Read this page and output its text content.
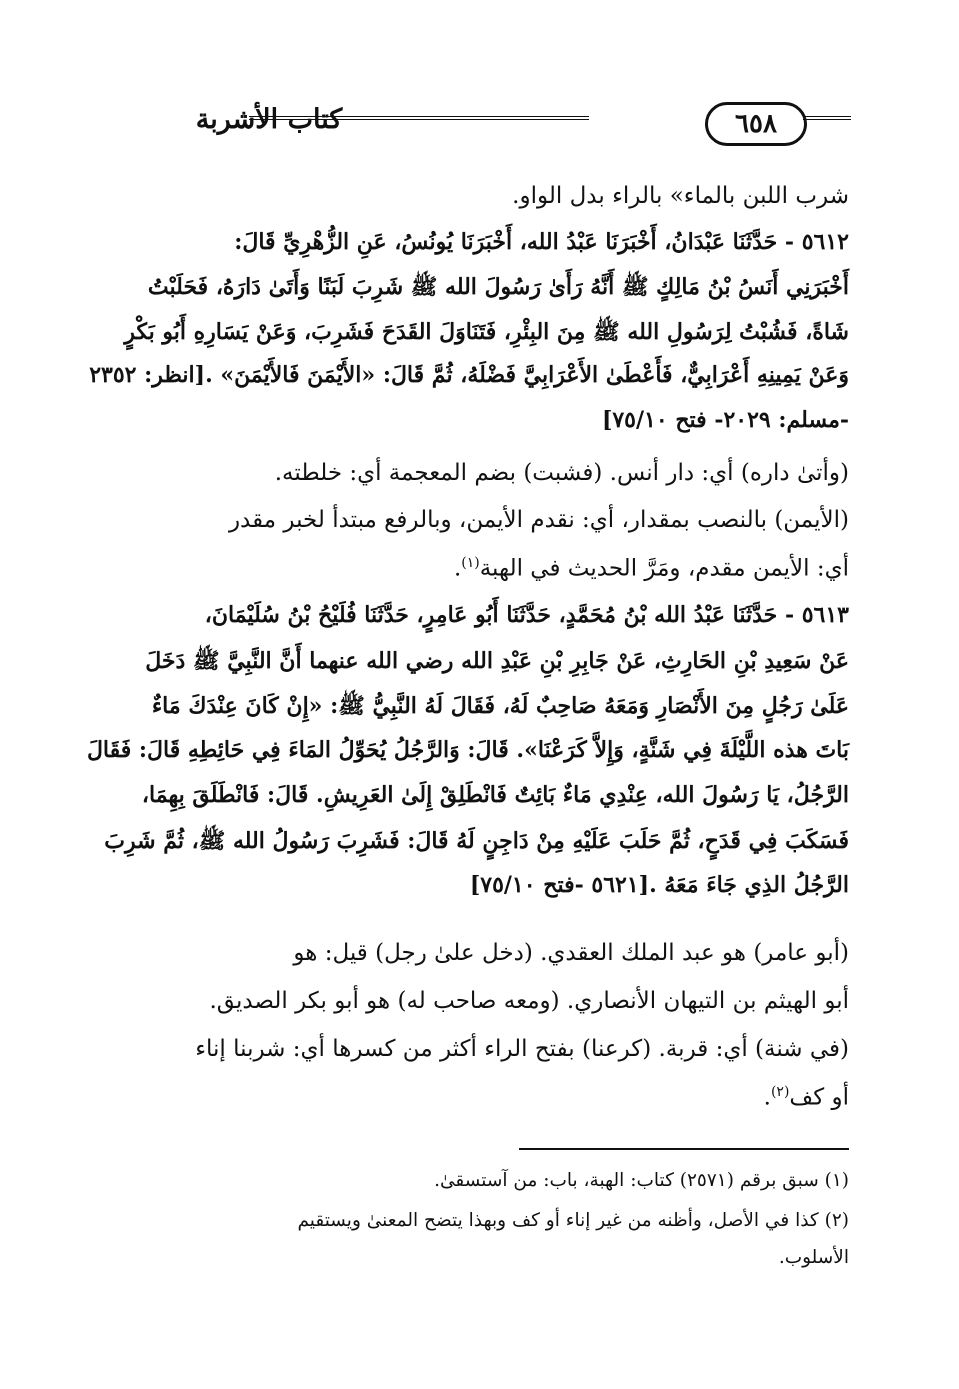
كتاب الأشربة	٦٥٨
شرب اللبن بالماء» بالراء بدل الواو.
٥٦١٢ - حَدَّثَنَا عَبْدَانُ، أَخْبَرَنَا عَبْدُ الله، أَخْبَرَنَا يُونُسُ، عَنِ الزُّهْرِيِّ قَالَ:
أَخْبَرَنِي أَنَسُ بْنُ مَالِكٍ ﷺ أَنَّهُ رَأَىٰ رَسُولَ الله ﷺ شَرِبَ لَبَنًا وَأَتَىٰ دَارَهُ، فَحَلَبْتُ
شَاةً، فَشُبْتُ لِرَسُولِ الله ﷺ مِنَ البِئْرِ، فَتَنَاوَلَ القَدَحَ فَشَرِبَ، وَعَنْ يَسَارِهِ أَبُو بَكْرٍ
وَعَنْ يَمِينِهِ أَعْرَابِيٌّ، فَأَعْطَىٰ الأَعْرَابِيَّ فَضْلَهُ، ثُمَّ قَالَ: «الأَيْمَنَ فَالأَيْمَنَ» .[انظر: ٢٣٥٢
-مسلم: ٢٠٢٩- فتح ٧٥/١٠]
(وأتىٰ داره) أي: دار أنس. (فشبت) بضم المعجمة أي: خلطته.
(الأيمن) بالنصب بمقدار، أي: نقدم الأيمن، وبالرفع مبتدأ لخبر مقدر
أي: الأيمن مقدم، ومَرَّ الحديث في الهبة$^{(١)}$.
٥٦١٣ - حَدَّثَنَا عَبْدُ الله بْنُ مُحَمَّدٍ، حَدَّثَنَا أَبُو عَامِرٍ، حَدَّثَنَا فُلَيْحُ بْنُ سُلَيْمَانَ،
عَنْ سَعِيدِ بْنِ الحَارِثِ، عَنْ جَابِرِ بْنِ عَبْدِ الله رضي الله عنهما أَنَّ النَّبِيَّ ﷺ دَخَلَ
عَلَىٰ رَجُلٍ مِنَ الأَنْصَارِ وَمَعَهُ صَاحِبٌ لَهُ، فَقَالَ لَهُ النَّبِيُّ ﷺ: «إِنْ كَانَ عِنْدَكَ مَاءٌ
بَاتَ هذه اللَّيْلَةَ فِي شَنَّةٍ، وَإِلاَّ كَرَعْنَا». قَالَ: وَالرَّجُلُ يُحَوِّلُ المَاءَ فِي حَائِطِهِ قَالَ: فَقَالَ
الرَّجُلُ، يَا رَسُولَ الله، عِنْدِي مَاءٌ بَائِتٌ فَانْطَلِقْ إِلَىٰ العَرِيشِ. قَالَ: فَانْطَلَقَ بِهِمَا،
فَسَكَبَ فِي قَدَحٍ، ثُمَّ حَلَبَ عَلَيْهِ مِنْ دَاجِنٍ لَهُ قَالَ: فَشَرِبَ رَسُولُ الله ﷺ، ثُمَّ شَرِبَ
الرَّجُلُ الذِي جَاءَ مَعَهُ .[٥٦٢١ -فتح ٧٥/١٠]
(أبو عامر) هو عبد الملك العقدي. (دخل علىٰ رجل) قيل: هو
أبو الهيثم بن التيهان الأنصاري. (ومعه صاحب له) هو أبو بكر الصديق.
(في شنة) أي: قربة. (كرعنا) بفتح الراء أكثر من كسرها أي: شربنا إناء
أو كف$^{(٢)}$.
(١) سبق برقم (٢٥٧١) كتاب: الهبة، باب: من آستسقىٰ.
(٢) كذا في الأصل، وأظنه من غير إناء أو كف وبهذا يتضح المعنىٰ ويستقيم
الأسلوب.
